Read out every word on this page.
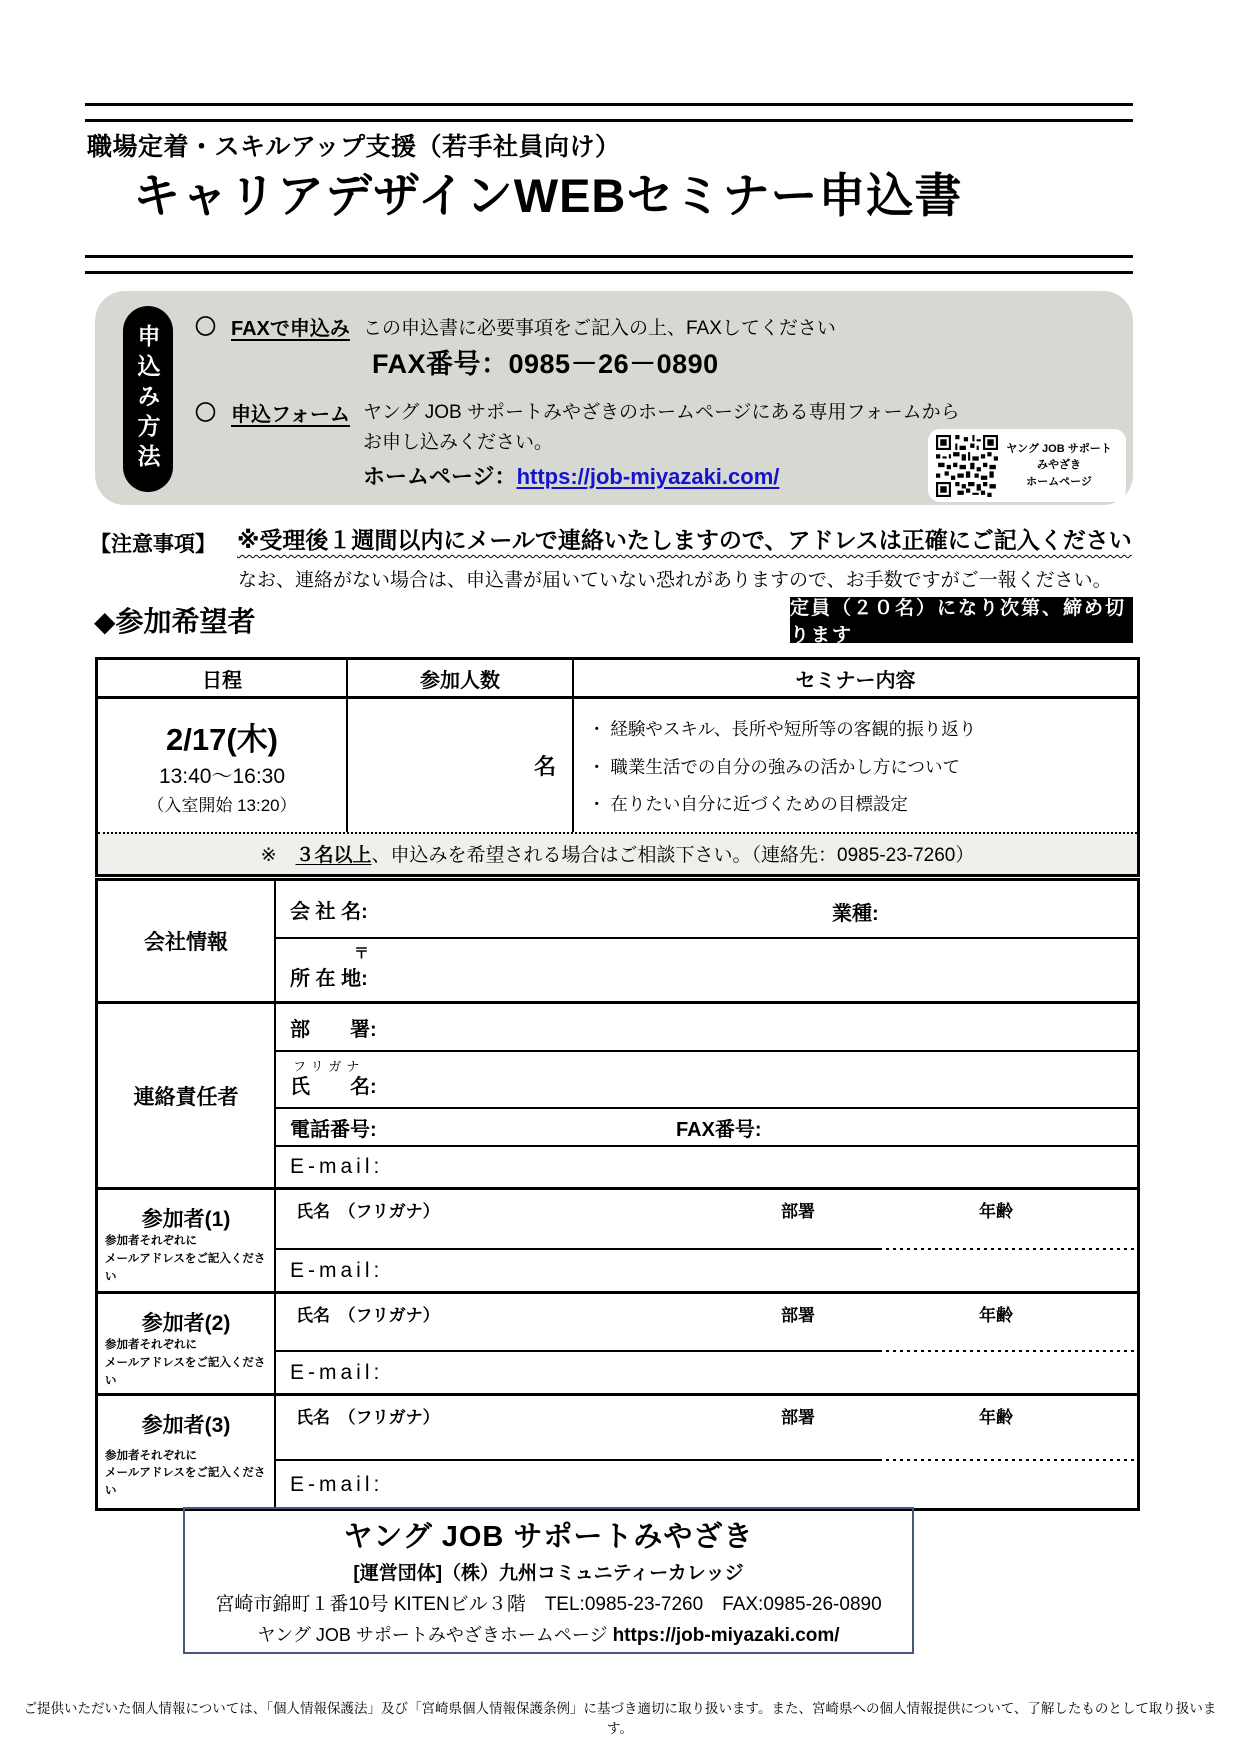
職場定着・スキルアップ支援（若手社員向け）
キャリアデザインWEBセミナー申込書
申込み方法	〇 FAXで申込み この申込書に必要事項をご記入の上、FAXしてください
FAX番号：0985－26－0890
〇 申込フォーム ヤング JOB サポートみやざきのホームページにある専用フォームから
お申し込みください。
ホームページ：https://job-miyazaki.com/
ヤング JOB サポート
みやざき
ホームページ
【注意事項】 ※受理後１週間以内にメールで連絡いたしますので、アドレスは正確にご記入ください
なお、連絡がない場合は、申込書が届いていない恐れがありますので、お手数ですがご一報ください。
◆参加希望者	定員（２０名）になり次第、締め切ります
日程	参加人数	セミナー内容
2/17(木)
13:40～16:30
（入室開始 13:20）
名
・ 経験やスキル、長所や短所等の客観的振り返り
・ 職業生活での自分の強みの活かし方について
・ 在りたい自分に近づくための目標設定
※　 ３名以上 、申込みを希望される場合はご相談下さい。（連絡先：0985-23-7260）
会社情報
会 社 名:	業種:
〒
所 在 地:
連絡責任者
部　　署:
フリガナ
氏　　名:
電話番号:	FAX番号:
E-mail:
参加者(1)
参加者それぞれに
メールアドレスをご記入ください
氏名　（フリガナ）	部署	年齢
E-mail:
参加者(2)
参加者それぞれに
メールアドレスをご記入ください
氏名　（フリガナ）	部署	年齢
E-mail:
参加者(3)
参加者それぞれに
メールアドレスをご記入ください
氏名　（フリガナ）	部署	年齢
E-mail:
ヤング JOB サポートみやざき
[運営団体]（株）九州コミュニティーカレッジ
宮崎市錦町１番10号 KITENビル３階　TEL:0985-23-7260　FAX:0985-26-0890
ヤング JOB サポートみやざきホームページ https://job-miyazaki.com/
ご提供いただいた個人情報については、「個人情報保護法」及び「宮崎県個人情報保護条例」に基づき適切に取り扱います。また、宮崎県への個人情報提供について、了解したものとして取り扱います。
